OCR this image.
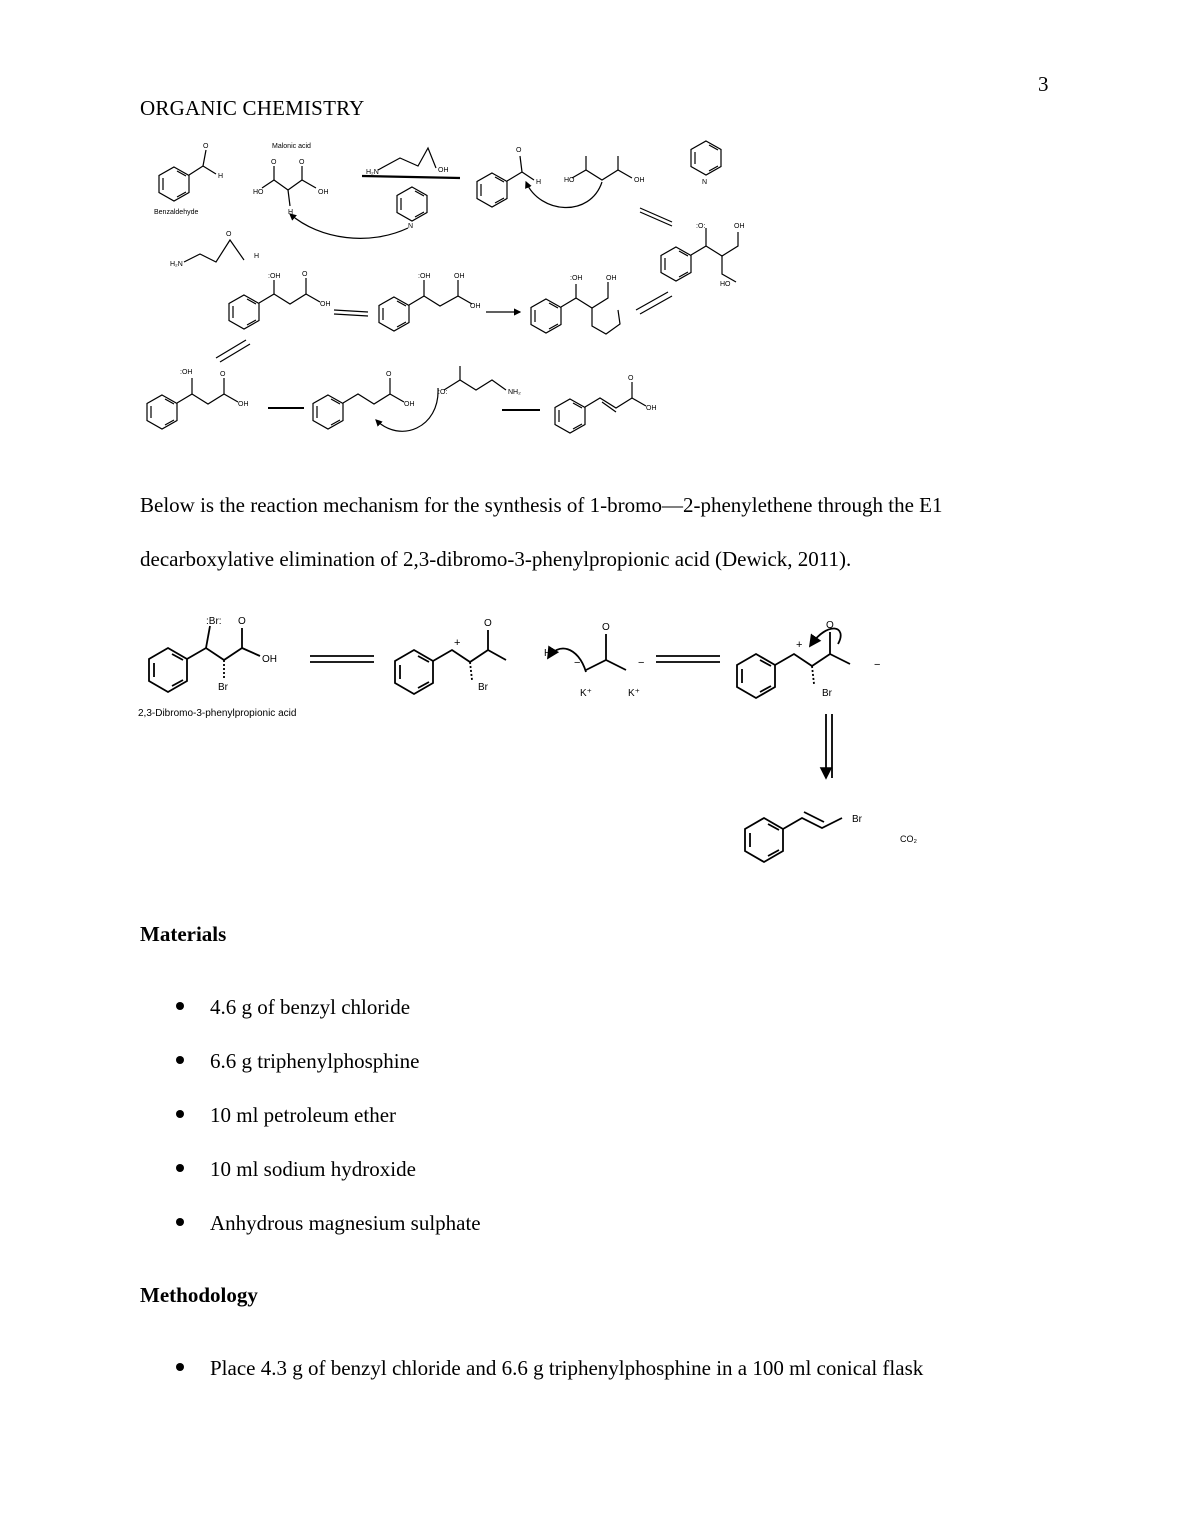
3
ORGANIC CHEMISTRY
O
H
Benzaldehyde
Malonic acid
O	O
HO	OH
H
H₂N	OH
N
O
H	HO	OH	N
:O:	OH
HO
:OH	OH
:OH	OH
OH
:OH	O
OH
H₂N
O
H
:OH	O
OH
O
OH
:O:	NH₂
O
OH

Below is the reaction mechanism for the synthesis of 1-bromo—2-phenylethene through the E1 decarboxylative elimination of 2,3-dibromo-3-phenylpropionic acid (Dewick, 2011).

:Br: O
OH
Br
2,3-Dibromo-3-phenylpropionic acid
+
O
Br
H
O
−	−
K⁺	K⁺
+
O
Br
−
Br
CO₂
Materials
4.6 g of benzyl chloride
6.6 g triphenylphosphine
10 ml petroleum ether
10 ml sodium hydroxide
Anhydrous magnesium sulphate
Methodology
Place 4.3 g of benzyl chloride and 6.6 g triphenylphosphine in a 100 ml conical flask
